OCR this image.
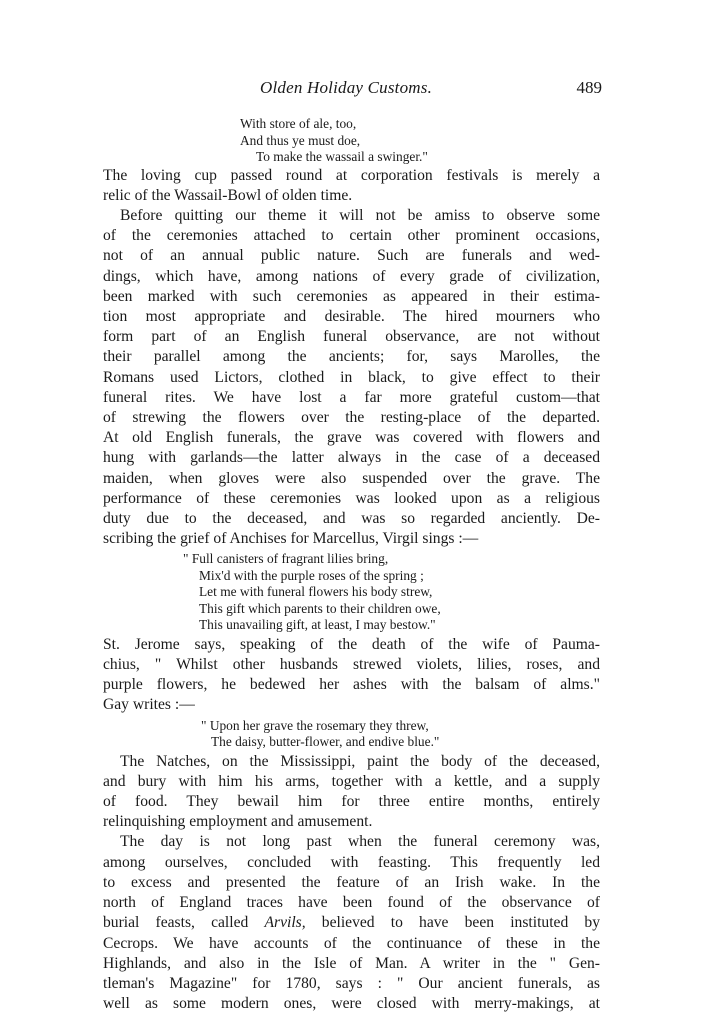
Olden Holiday Customs.	489
With store of ale, too,
And thus ye must doe,
To make the wassail a swinger."
The loving cup passed round at corporation festivals is merely a
relic of the Wassail-Bowl of olden time.
Before quitting our theme it will not be amiss to observe some
of the ceremonies attached to certain other prominent occasions,
not of an annual public nature. Such are funerals and wed-
dings, which have, among nations of every grade of civilization,
been marked with such ceremonies as appeared in their estima-
tion most appropriate and desirable. The hired mourners who
form part of an English funeral observance, are not without
their parallel among the ancients; for, says Marolles, the
Romans used Lictors, clothed in black, to give effect to their
funeral rites. We have lost a far more grateful custom—that
of strewing the flowers over the resting-place of the departed.
At old English funerals, the grave was covered with flowers and
hung with garlands—the latter always in the case of a deceased
maiden, when gloves were also suspended over the grave. The
performance of these ceremonies was looked upon as a religious
duty due to the deceased, and was so regarded anciently. De-
scribing the grief of Anchises for Marcellus, Virgil sings :—
" Full canisters of fragrant lilies bring,
Mix'd with the purple roses of the spring ;
Let me with funeral flowers his body strew,
This gift which parents to their children owe,
This unavailing gift, at least, I may bestow."
St. Jerome says, speaking of the death of the wife of Pauma-
chius, " Whilst other husbands strewed violets, lilies, roses, and
purple flowers, he bedewed her ashes with the balsam of alms."
Gay writes :—
" Upon her grave the rosemary they threw,
The daisy, butter-flower, and endive blue."
The Natches, on the Mississippi, paint the body of the deceased,
and bury with him his arms, together with a kettle, and a supply
of food. They bewail him for three entire months, entirely
relinquishing employment and amusement.
The day is not long past when the funeral ceremony was,
among ourselves, concluded with feasting. This frequently led
to excess and presented the feature of an Irish wake. In the
north of England traces have been found of the observance of
burial feasts, called Arvils, believed to have been instituted by
Cecrops. We have accounts of the continuance of these in the
Highlands, and also in the Isle of Man. A writer in the " Gen-
tleman's Magazine" for 1780, says : " Our ancient funerals, as
well as some modern ones, were closed with merry-makings, at
